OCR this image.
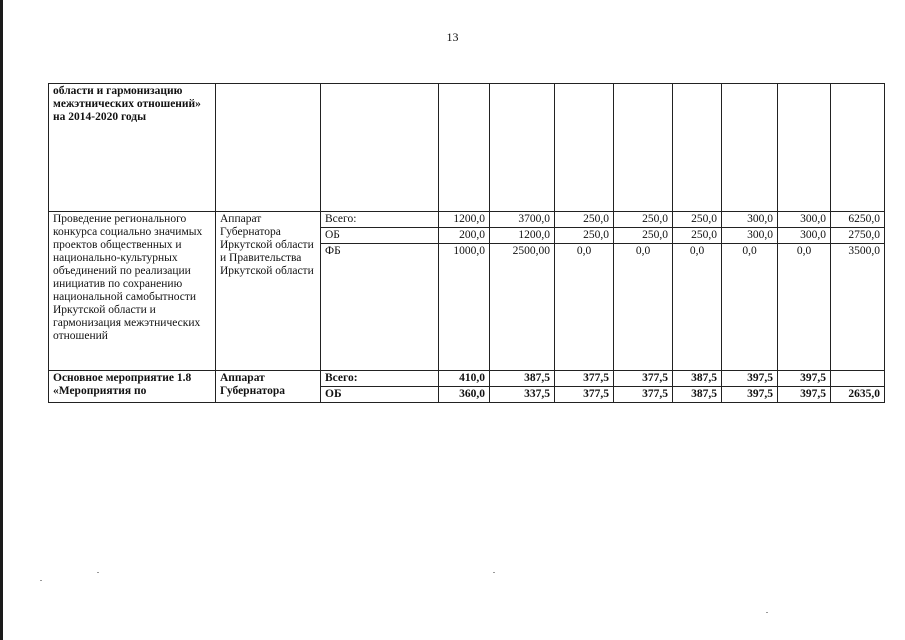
13
области и гармонизацию межэтнических отношений» на 2014-2020 годы										
Проведение регионального конкурса социально значимых проектов общественных и национально-культурных объединений по реализации инициатив по сохранению национальной самобытности Иркутской области и гармонизация межэтнических отношений	Аппарат Губернатора Иркутской области и Правительства Иркутской области	Всего:	1200,0	3700,0	250,0	250,0	250,0	300,0	300,0	6250,0
		ОБ	200,0	1200,0	250,0	250,0	250,0	300,0	300,0	2750,0
		ФБ	1000,0	2500,00	0,0	0,0	0,0	0,0	0,0	3500,0
Основное мероприятие 1.8 «Мероприятия по	Аппарат Губернатора	Всего:	410,0	387,5	377,5	377,5	387,5	397,5	397,5	
		ОБ	360,0	337,5	377,5	377,5	387,5	397,5	397,5	2635,0
